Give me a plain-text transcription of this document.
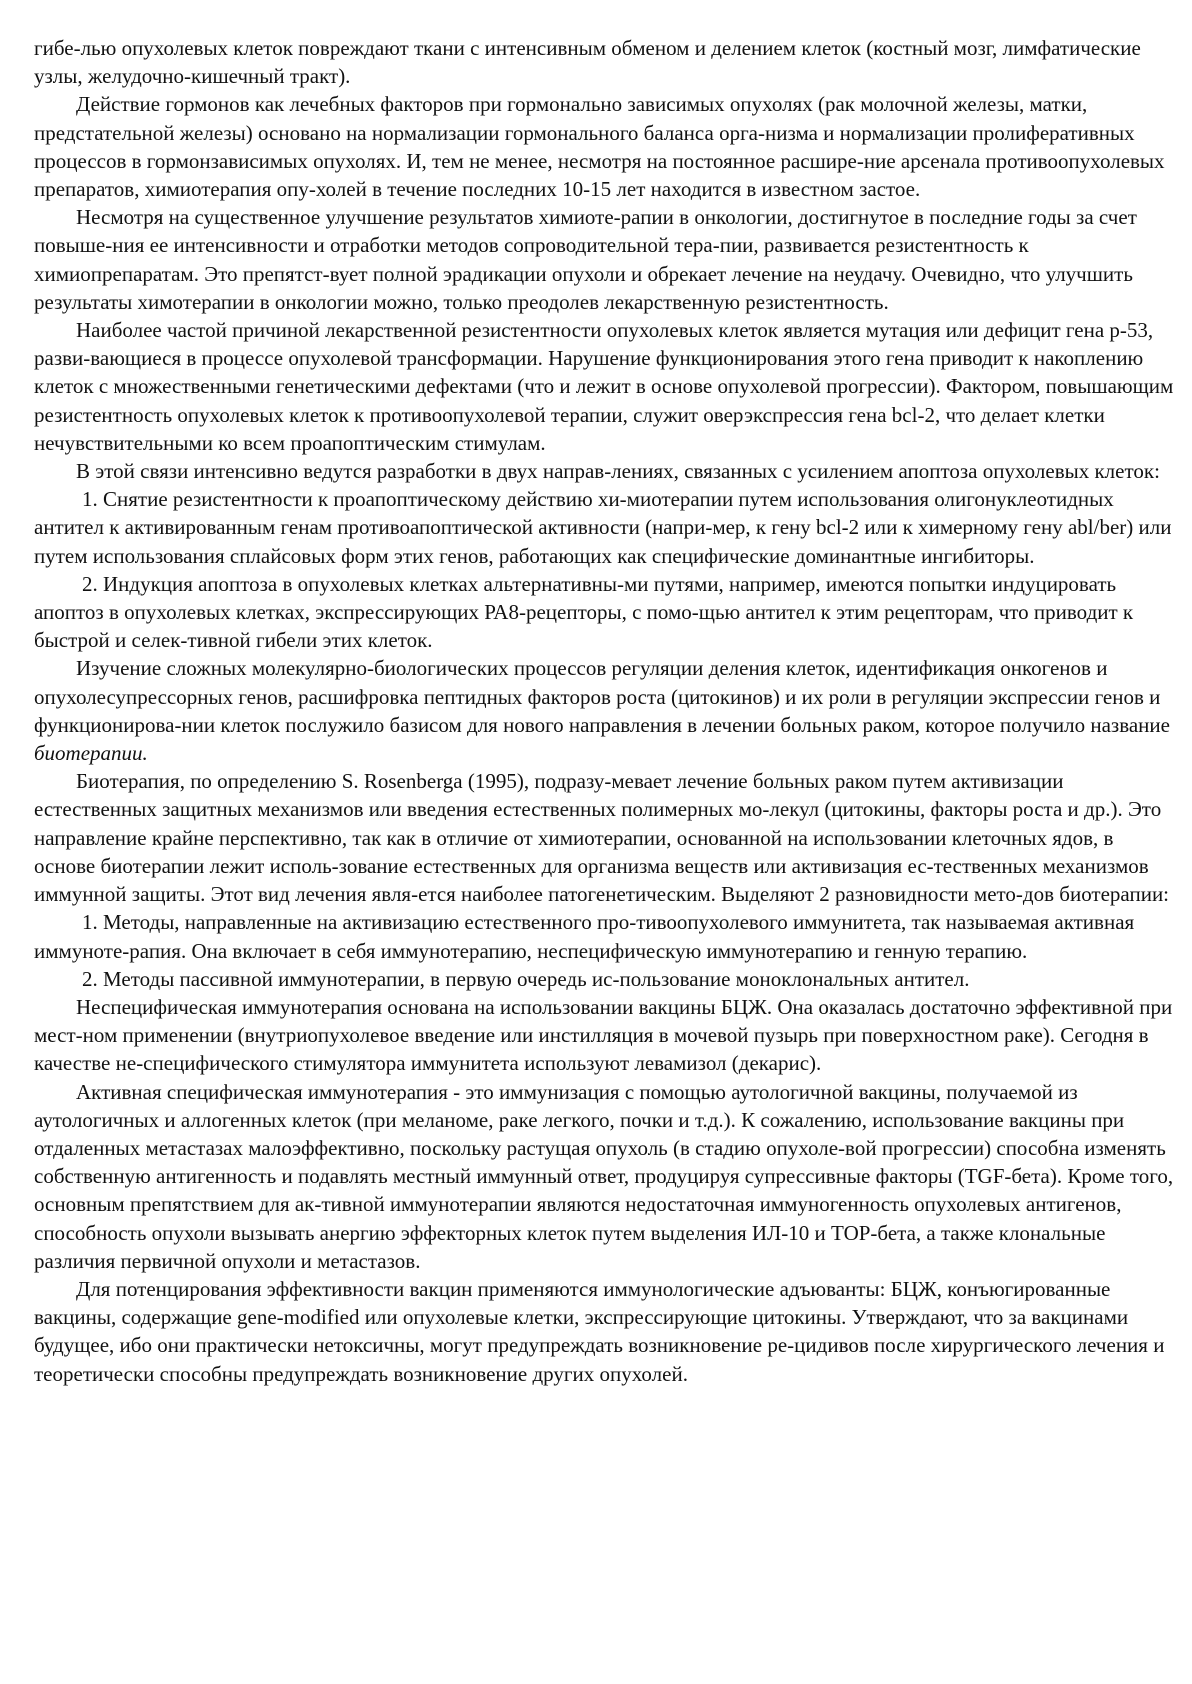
гибе-лью опухолевых клеток повреждают ткани с интенсивным обменом и делением клеток (костный мозг, лимфатические узлы, желудочно-кишечный тракт).

Действие гормонов как лечебных факторов при гормонально зависимых опухолях (рак молочной железы, матки, предстательной железы) основано на нормализации гормонального баланса орга-низма и нормализации пролиферативных процессов в гормонзависимых опухолях. И, тем не менее, несмотря на постоянное расшире-ние арсенала противоопухолевых препаратов, химиотерапия опу-холей в течение последних 10-15 лет находится в известном застое.

Несмотря на существенное улучшение результатов химиоте-рапии в онкологии, достигнутое в последние годы за счет повыше-ния ее интенсивности и отработки методов сопроводительной тера-пии, развивается резистентность к химиопрепаратам. Это препятст-вует полной эрадикации опухоли и обрекает лечение на неудачу. Очевидно, что улучшить результаты химотерапии в онкологии можно, только преодолев лекарственную резистентность.

Наиболее частой причиной лекарственной резистентности опухолевых клеток является мутация или дефицит гена р-53, разви-вающиеся в процессе опухолевой трансформации. Нарушение функционирования этого гена приводит к накоплению клеток с множественными генетическими дефектами (что и лежит в основе опухолевой прогрессии). Фактором, повышающим резистентность опухолевых клеток к противоопухолевой терапии, служит оверэкспрессия гена bcl-2, что делает клетки нечувствительными ко всем проапоптическим стимулам.

В этой связи интенсивно ведутся разработки в двух направ-лениях, связанных с усилением апоптоза опухолевых клеток:

1. Снятие резистентности к проапоптическому действию хи-миотерапии путем использования олигонуклеотидных антител к активированным генам противоапоптической активности (напри-мер, к гену bcl-2 или к химерному гену abl/ber) или путем использования сплайсовых форм этих генов, работающих как специфические доминантные ингибиторы.

2. Индукция апоптоза в опухолевых клетках альтернативны-ми путями, например, имеются попытки индуцировать апоптоз в опухолевых клетках, экспрессирующих РА8-рецепторы, с помо-щью антител к этим рецепторам, что приводит к быстрой и селек-тивной гибели этих клеток.

Изучение сложных молекулярно-биологических процессов регуляции деления клеток, идентификация онкогенов и опухолесупрессорных генов, расшифровка пептидных факторов роста (цитокинов) и их роли в регуляции экспрессии генов и функционирова-нии клеток послужило базисом для нового направления в лечении больных раком, которое получило название биотерапии.

Биотерапия, по определению S. Rosenberga (1995), подразу-мевает лечение больных раком путем активизации естественных защитных механизмов или введения естественных полимерных мо-лекул (цитокины, факторы роста и др.). Это направление крайне перспективно, так как в отличие от химиотерапии, основанной на использовании клеточных ядов, в основе биотерапии лежит исполь-зование естественных для организма веществ или активизация ес-тественных механизмов иммунной защиты. Этот вид лечения явля-ется наиболее патогенетическим. Выделяют 2 разновидности мето-дов биотерапии:

1. Методы, направленные на активизацию естественного про-тивоопухолевого иммунитета, так называемая активная иммуноте-рапия. Она включает в себя иммунотерапию, неспецифическую иммунотерапию и генную терапию.

2. Методы пассивной иммунотерапии, в первую очередь ис-пользование моноклональных антител.

Неспецифическая иммунотерапия основана на использовании вакцины БЦЖ. Она оказалась достаточно эффективной при мест-ном применении (внутриопухолевое введение или инстилляция в мочевой пузырь при поверхностном раке). Сегодня в качестве не-специфического стимулятора иммунитета используют левамизол (декарис).

Активная специфическая иммунотерапия - это иммунизация с помощью аутологичной вакцины, получаемой из аутологичных и аллогенных клеток (при меланоме, раке легкого, почки и т.д.). К сожалению, использование вакцины при отдаленных метастазах малоэффективно, поскольку растущая опухоль (в стадию опухоле-вой прогрессии) способна изменять собственную антигенность и подавлять местный иммунный ответ, продуцируя супрессивные факторы (TGF-бета). Кроме того, основным препятствием для ак-тивной иммунотерапии являются недостаточная иммуногенность опухолевых антигенов, способность опухоли вызывать анергию эффекторных клеток путем выделения ИЛ-10 и ТОР-бета, а также клональные различия первичной опухоли и метастазов.

Для потенцирования эффективности вакцин применяются иммунологические адъюванты: БЦЖ, конъюгированные вакцины, содержащие gene-modified или опухолевые клетки, экспрессирующие цитокины. Утверждают, что за вакцинами будущее, ибо они практически нетоксичны, могут предупреждать возникновение ре-цидивов после хирургического лечения и теоретически способны предупреждать возникновение других опухолей.
